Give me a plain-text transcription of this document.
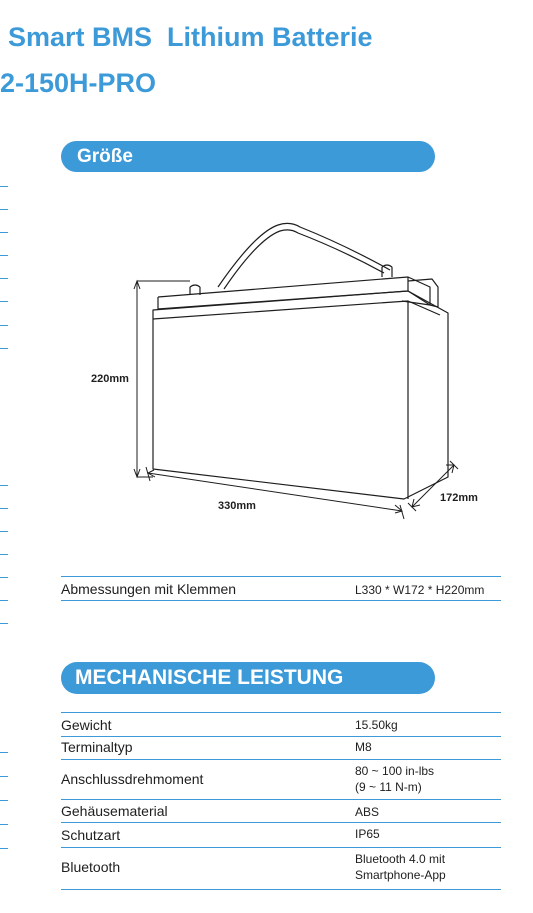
Smart BMS  Lithium Batterie
2-150H-PRO
Größe
220mm
330mm
172mm
Abmessungen mit Klemmen	L330 * W172 * H220mm
MECHANISCHE LEISTUNG
Gewicht	15.50kg
Terminaltyp	M8
Anschlussdrehmoment	80 ~ 100 in-lbs
(9 ~ 11 N-m)
Gehäusematerial	ABS
Schutzart	IP65
Bluetooth	Bluetooth 4.0 mit
Smartphone-App
